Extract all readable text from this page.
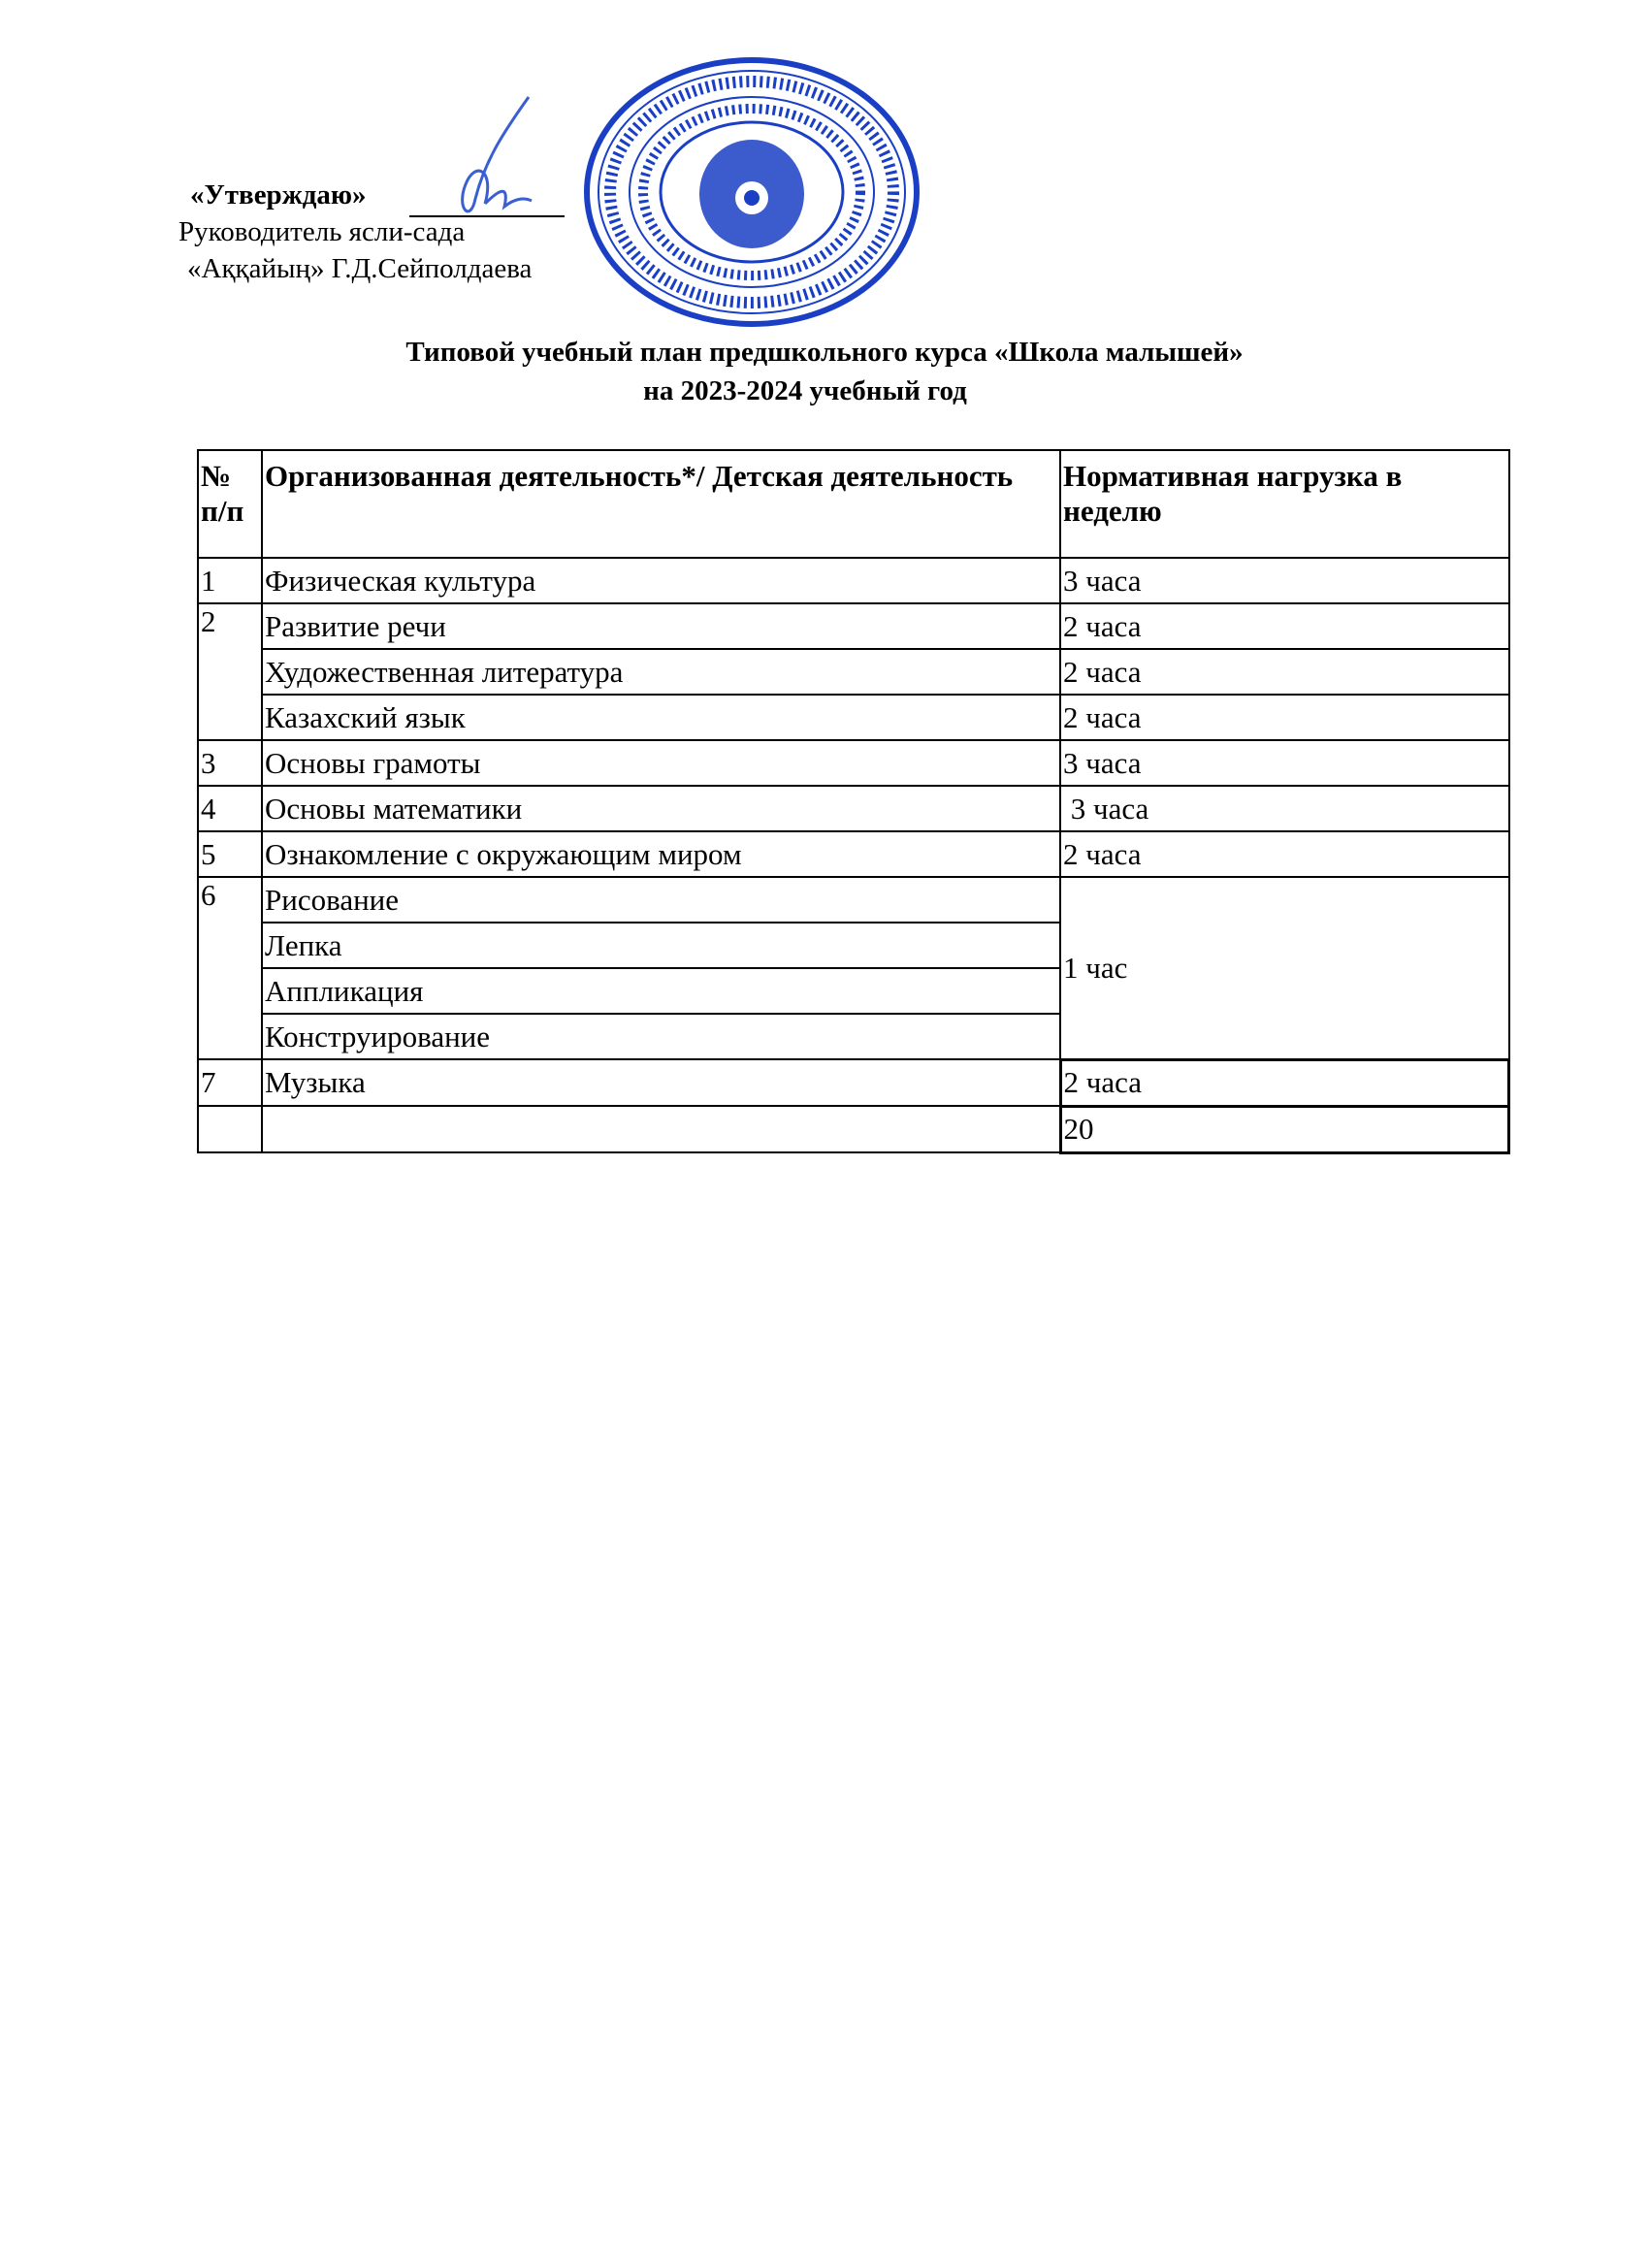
«Утверждаю»
Руководитель ясли-сада
«Аққайың» Г.Д.Сейполдаева
Типовой учебный план предшкольного курса «Школа малышей»
на 2023-2024 учебный год
№ п/п	Организованная деятельность*/ Детская деятельность	Нормативная нагрузка в неделю
1	Физическая культура	3 часа
2	Развитие речи	2 часа
	Художественная литература	2 часа
	Казахский язык	2 часа
3	Основы грамоты	3 часа
4	Основы математики	3 часа
5	Ознакомление с окружающим миром	2 часа
6	Рисование	1 час
	Лепка	
	Аппликация	
	Конструирование	
7	Музыка	2 часа
		20
